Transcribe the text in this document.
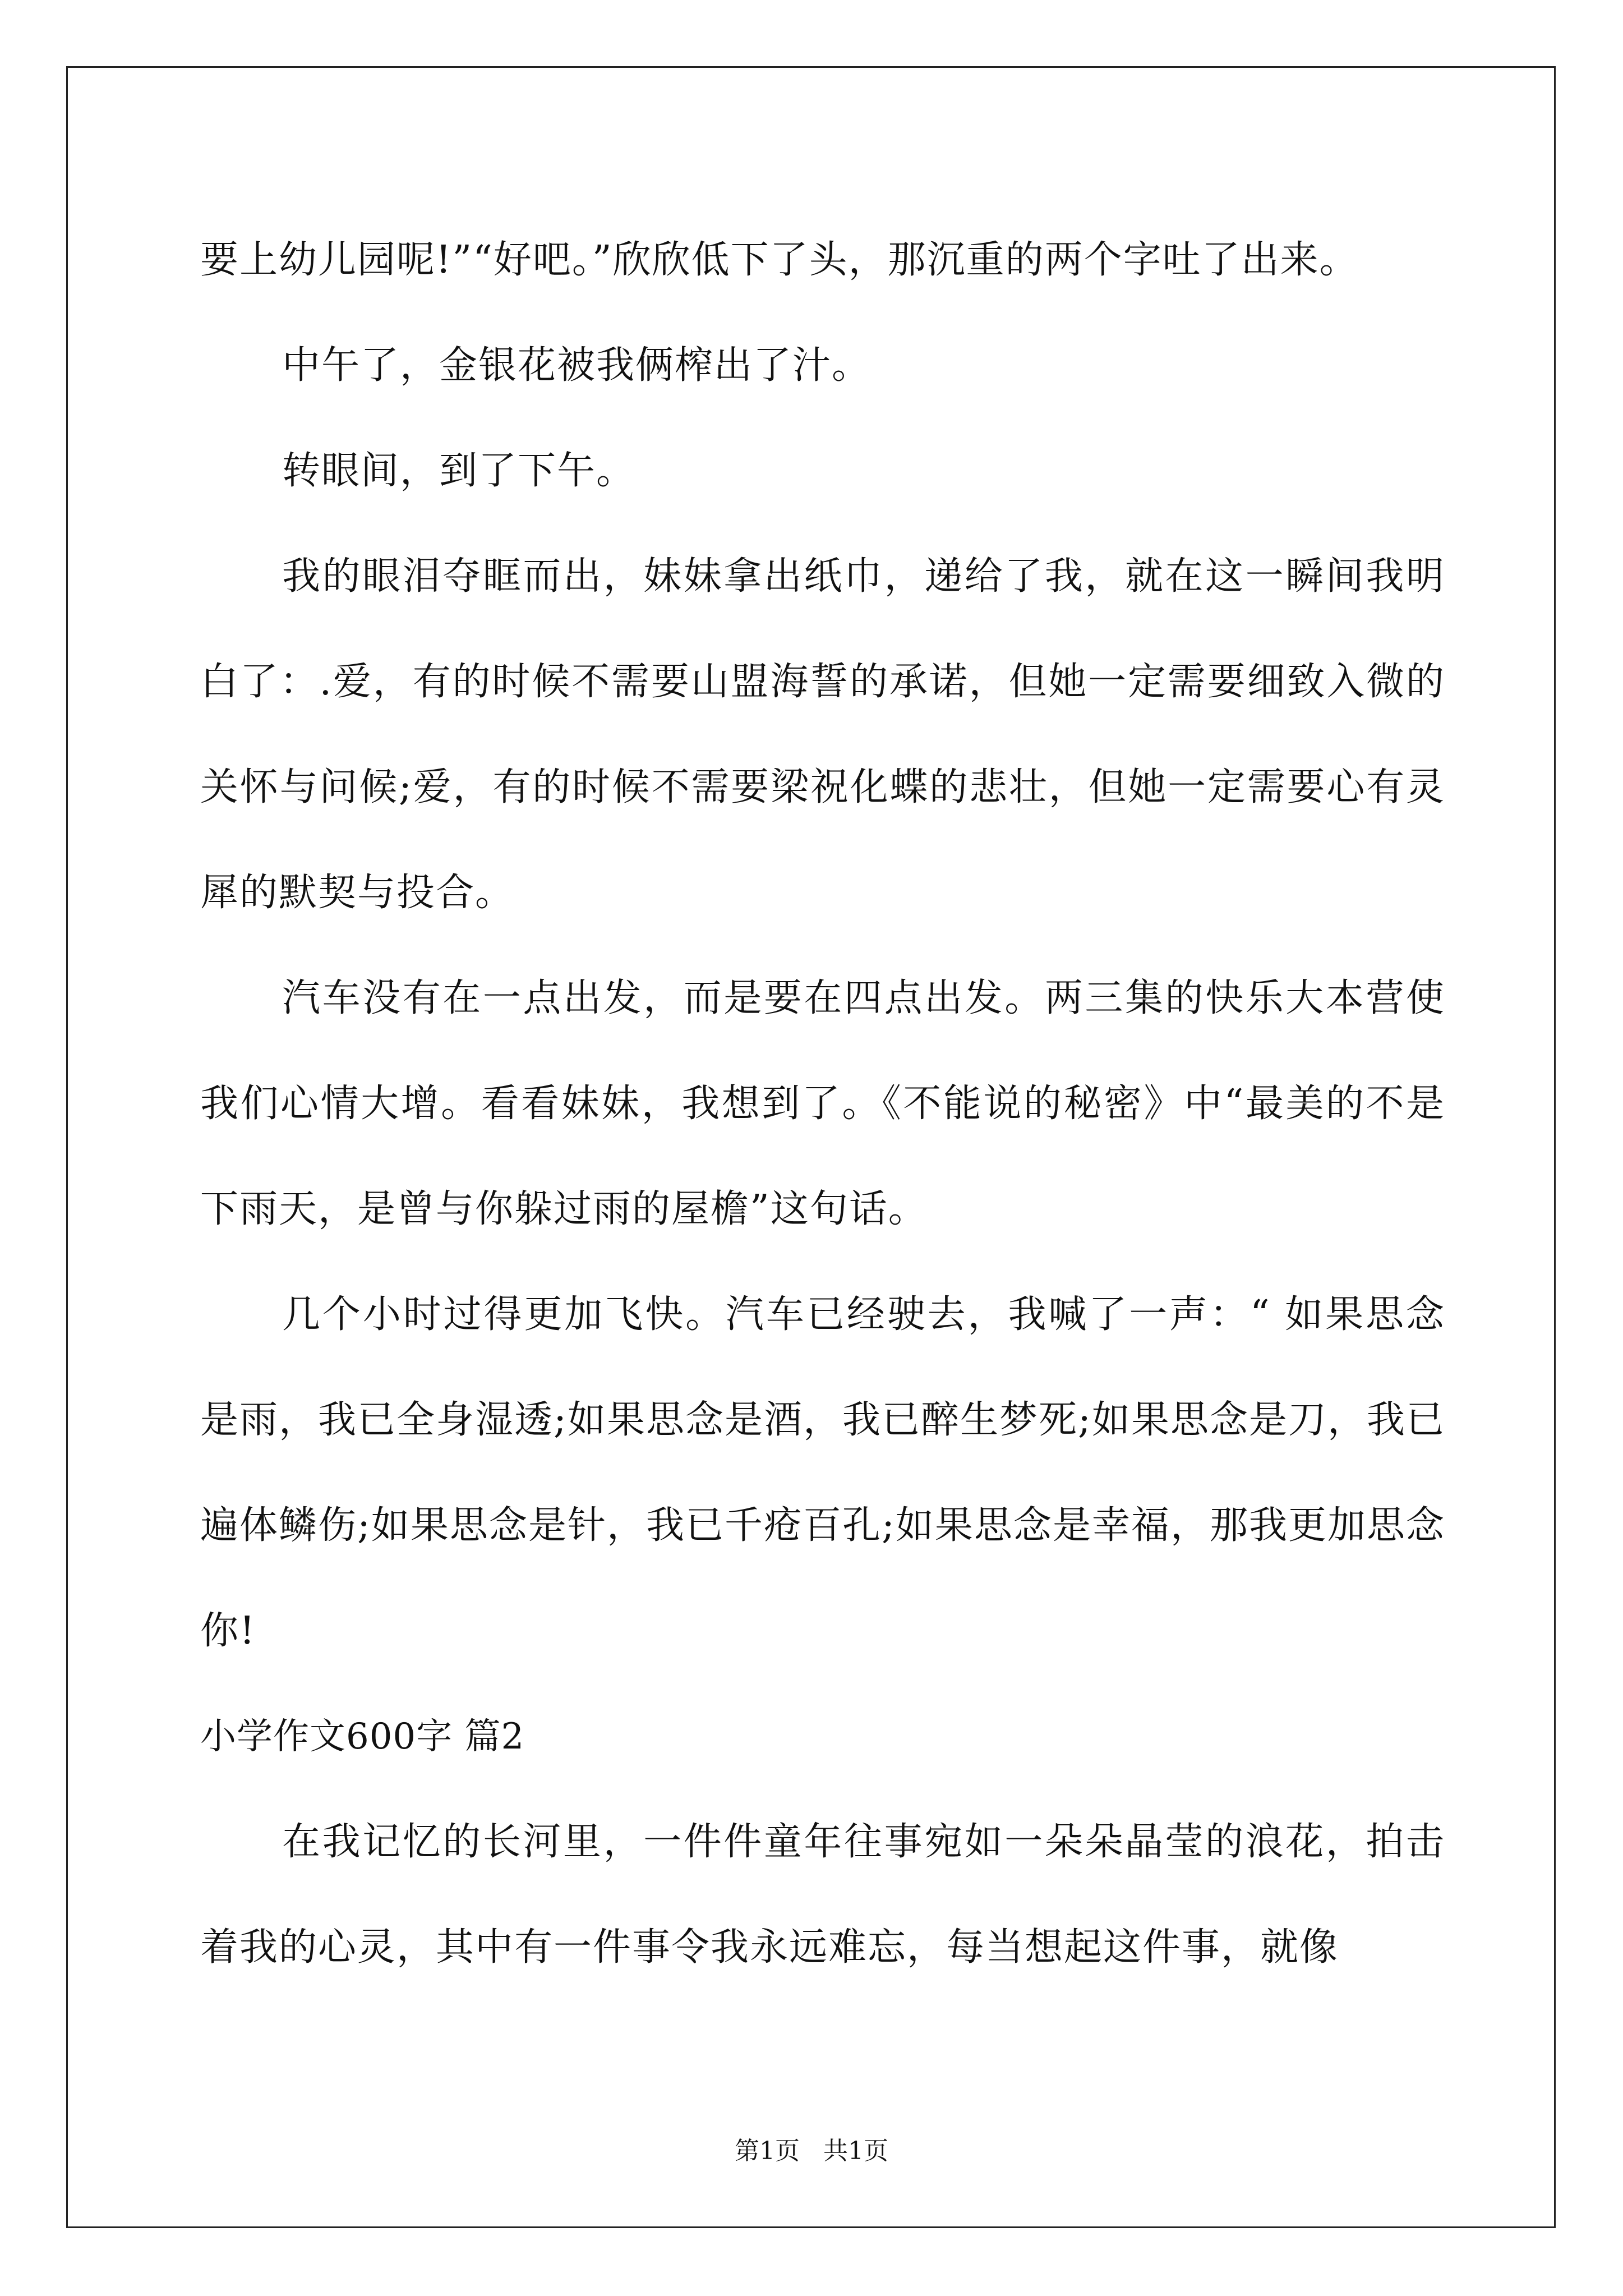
要上幼儿园呢!”“好吧。”欣欣低下了头，那沉重的两个字吐了出来。

中午了，金银花被我俩榨出了汁。

转眼间，到了下午。

我的眼泪夺眶而出，妹妹拿出纸巾，递给了我，就在这一瞬间我明白了：.爱，有的时候不需要山盟海誓的承诺，但她一定需要细致入微的关怀与问候;爱，有的时候不需要梁祝化蝶的悲壮，但她一定需要心有灵犀的默契与投合。

汽车没有在一点出发，而是要在四点出发。两三集的快乐大本营使我们心情大增。看看妹妹，我想到了。《不能说的秘密》中“最美的不是下雨天，是曾与你躲过雨的屋檐”这句话。

几个小时过得更加飞快。汽车已经驶去，我喊了一声：“ 如果思念是雨，我已全身湿透;如果思念是酒，我已醉生梦死;如果思念是刀，我已遍体鳞伤;如果思念是针，我已千疮百孔;如果思念是幸福，那我更加思念你!

小学作文600字 篇2

在我记忆的长河里，一件件童年往事宛如一朵朵晶莹的浪花，拍击着我的心灵，其中有一件事令我永远难忘，每当想起这件事，就像

第1页 共1页
